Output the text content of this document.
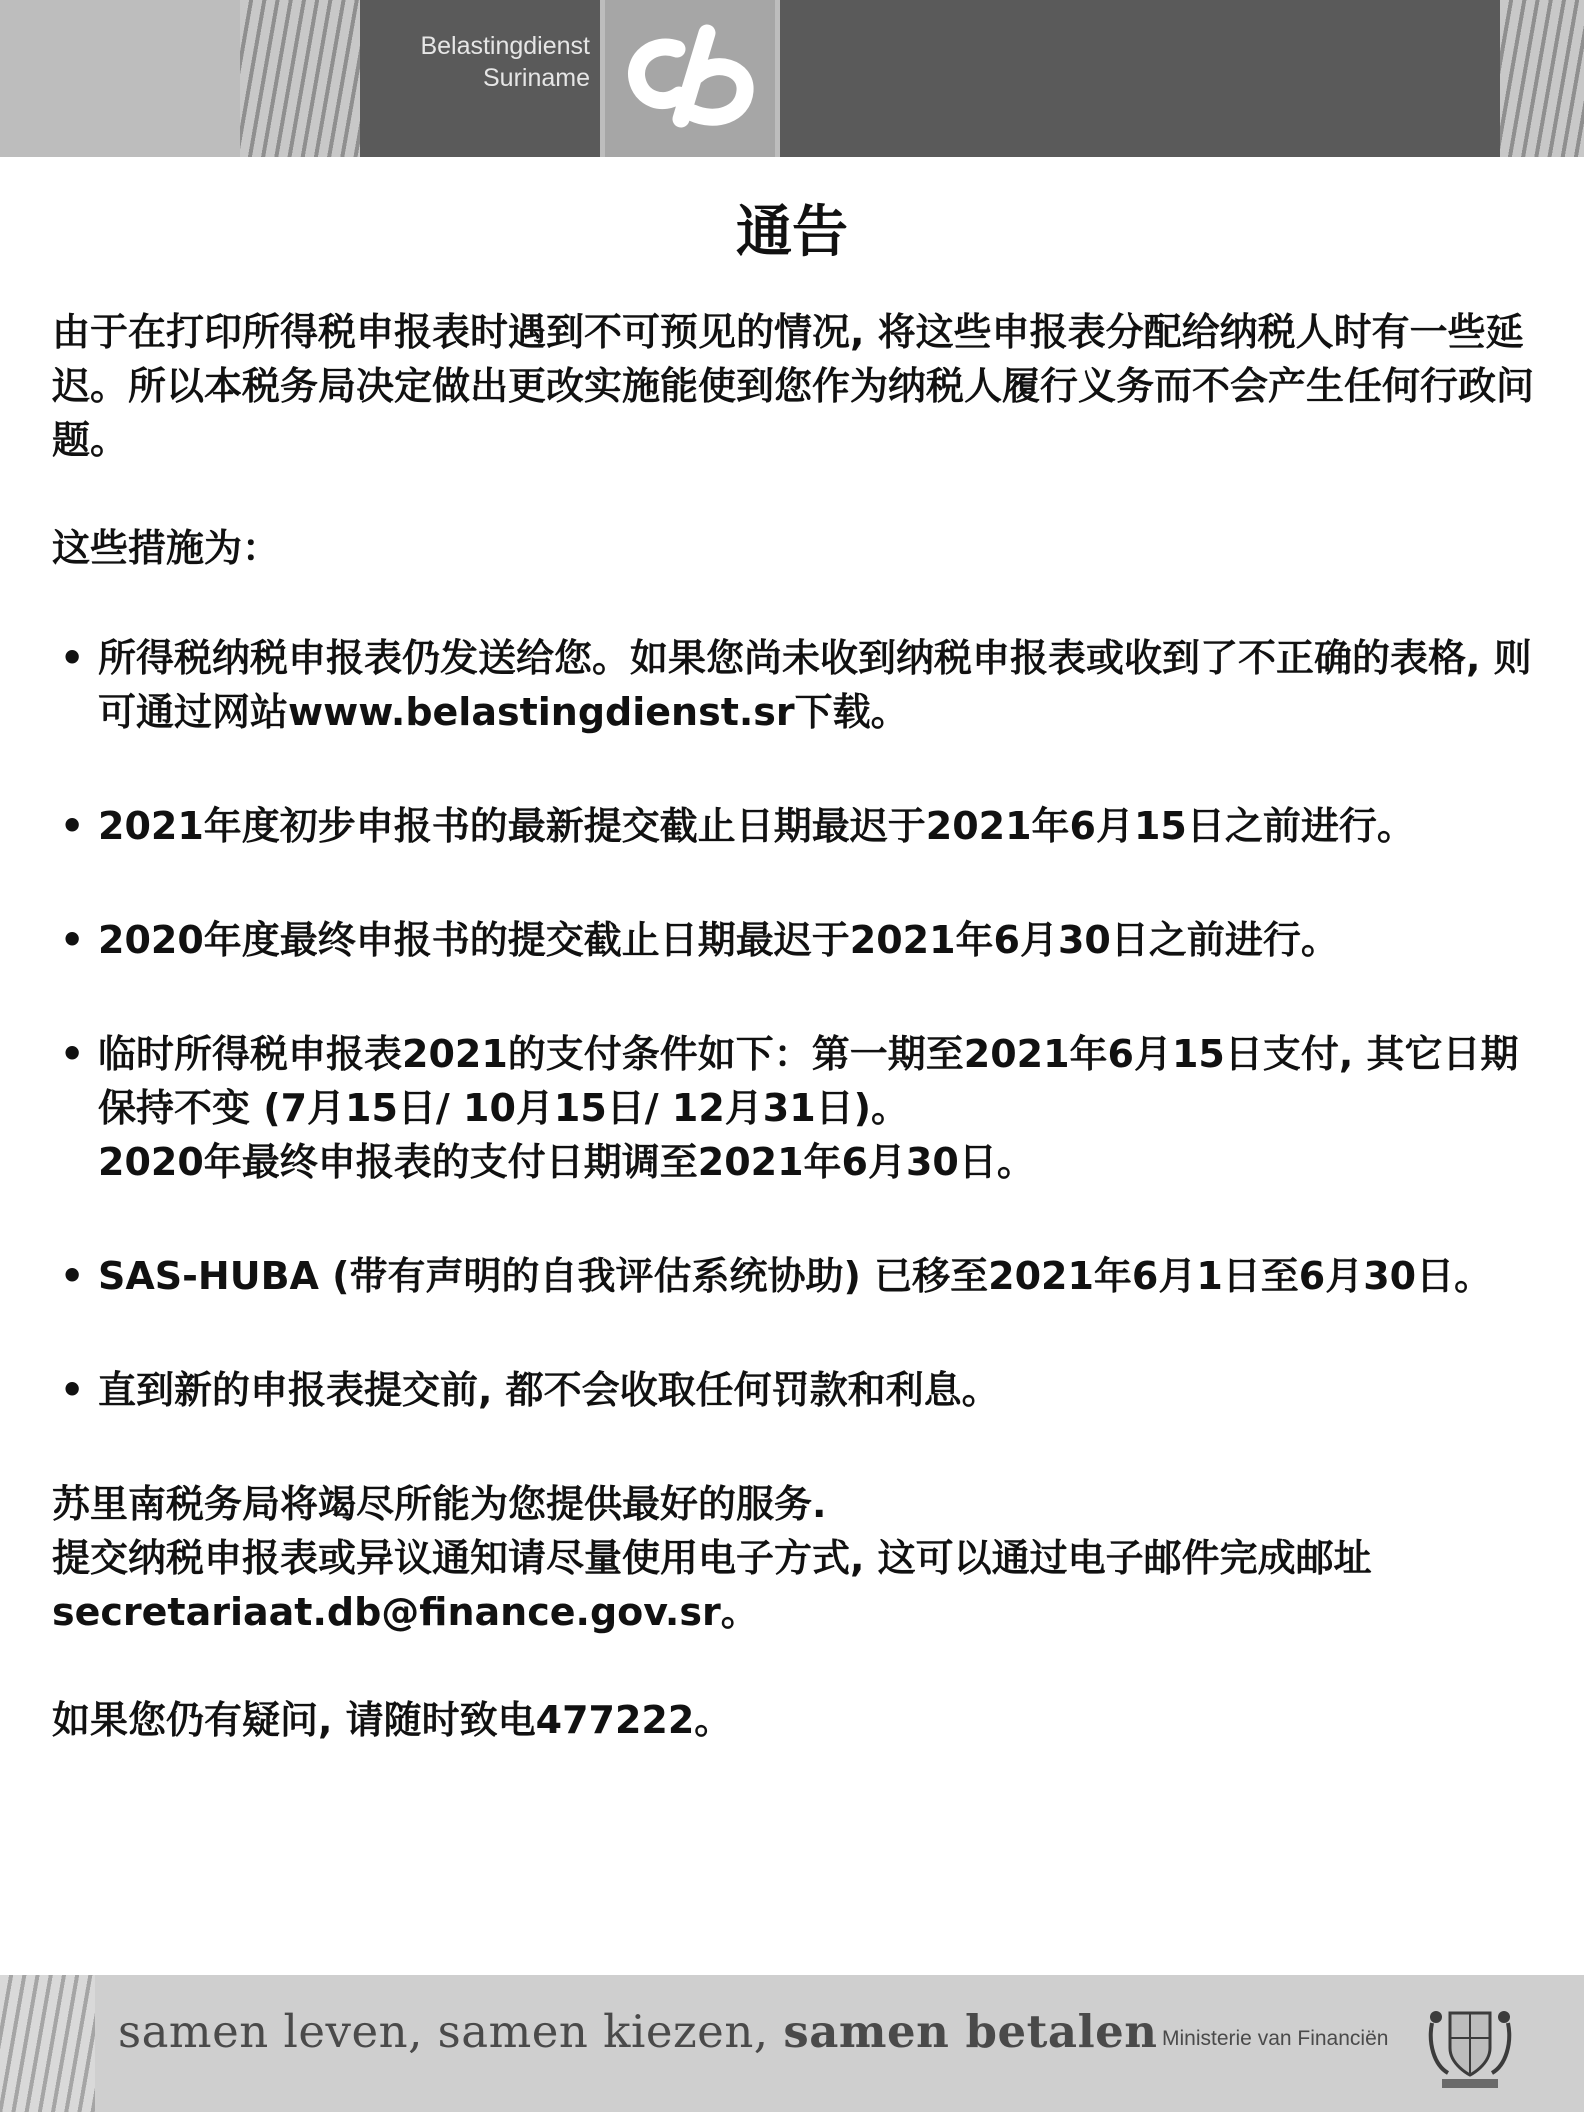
Belastingdienst
Suriname
通告

由于在打印所得税申报表时遇到不可预见的情况, 将这些申报表分配给纳税人时有一些延迟。所以本税务局决定做出更改实施能使到您作为纳税人履行义务而不会产生任何行政问题。

这些措施为：

• 所得税纳税申报表仍发送给您。如果您尚未收到纳税申报表或收到了不正确的表格, 则可通过网站www.belastingdienst.sr下载。
• 2021年度初步申报书的最新提交截止日期最迟于2021年6月15日之前进行。
• 2020年度最终申报书的提交截止日期最迟于2021年6月30日之前进行。
• 临时所得税申报表2021的支付条件如下：第一期至2021年6月15日支付, 其它日期保持不变 (7月15日/ 10月15日/ 12月31日)。
2020年最终申报表的支付日期调至2021年6月30日。
• SAS-HUBA (带有声明的自我评估系统协助) 已移至2021年6月1日至6月30日。
• 直到新的申报表提交前, 都不会收取任何罚款和利息。

苏里南税务局将竭尽所能为您提供最好的服务.

提交纳税申报表或异议通知请尽量使用电子方式, 这可以通过电子邮件完成邮址secretariaat.db@finance.gov.sr。

如果您仍有疑问, 请随时致电477222。

samen leven, samen kiezen, samen betalen Ministerie van Financiën
